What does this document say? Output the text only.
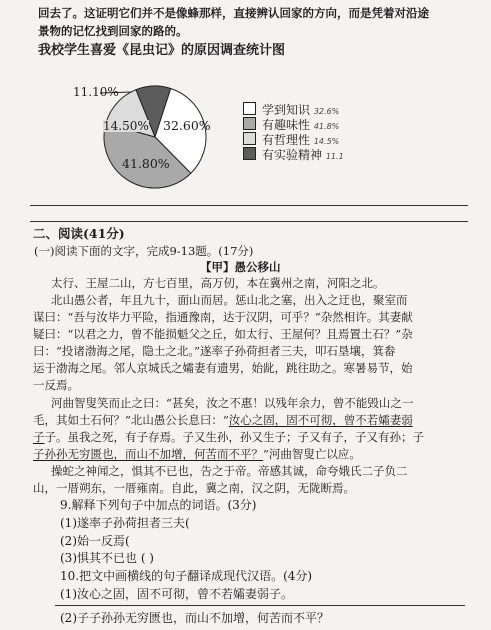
回去了。这证明它们并不是像蜂那样，直接辨认回家的方向，而是凭着对沿途
景物的记忆找到回家的路的。
我校学生喜爱《昆虫记》的原因调查统计图
11.10%
14.50% 32.60%
41.80%
学到知识 32.6%
有趣味性 41.8%
有哲理性 14.5%
有实验精神 11.1
二、阅读(41分)
(一)阅读下面的文字，完成9-13题。(17分)
【甲】愚公移山
太行、王屋二山，方七百里，高万仞，本在冀州之南，河阳之北。
北山愚公者，年且九十，面山而居。惩山北之塞，出入之迂也，聚室而
谋曰：“吾与汝毕力平险，指通豫南，达于汉阴，可乎？”杂然相许。其妻献
疑曰：“以君之力，曾不能损魁父之丘，如太行、王屋何？且焉置土石？”杂
曰：“投诸渤海之尾，隐土之北。”遂率子孙荷担者三夫，叩石垦壤，箕畚
运于渤海之尾。邻人京城氏之孀妻有遗男，始龀，跳往助之。寒暑易节，始
一反焉。
河曲智叟笑而止之曰：“甚矣，汝之不惠！以残年余力，曾不能毁山之一
毛，其如土石何？”北山愚公长息曰：“汝心之固，固不可彻，曾不若孀妻弱
子子。虽我之死，有子存焉。子又生孙，孙又生子；子又有子，子又有孙；子
子孙孙无穷匮也，而山不加增，何苦而不平？”河曲智叟亡以应。
操蛇之神闻之，惧其不已也，告之于帝。帝感其诚，命夸娥氏二子负二
山，一厝朔东，一厝雍南。自此，冀之南，汉之阴，无陇断焉。
9.解释下列句子中加点的词语。(3分)
(1)遂率子孙荷担者三夫(
(2)始一反焉(
(3)惧其不已也 ( )
10.把文中画横线的句子翻译成现代汉语。(4分)
(1)汝心之固，固不可彻，曾不若孀妻弱子。
(2)子子孙孙无穷匮也，而山不加增，何苦而不平？
